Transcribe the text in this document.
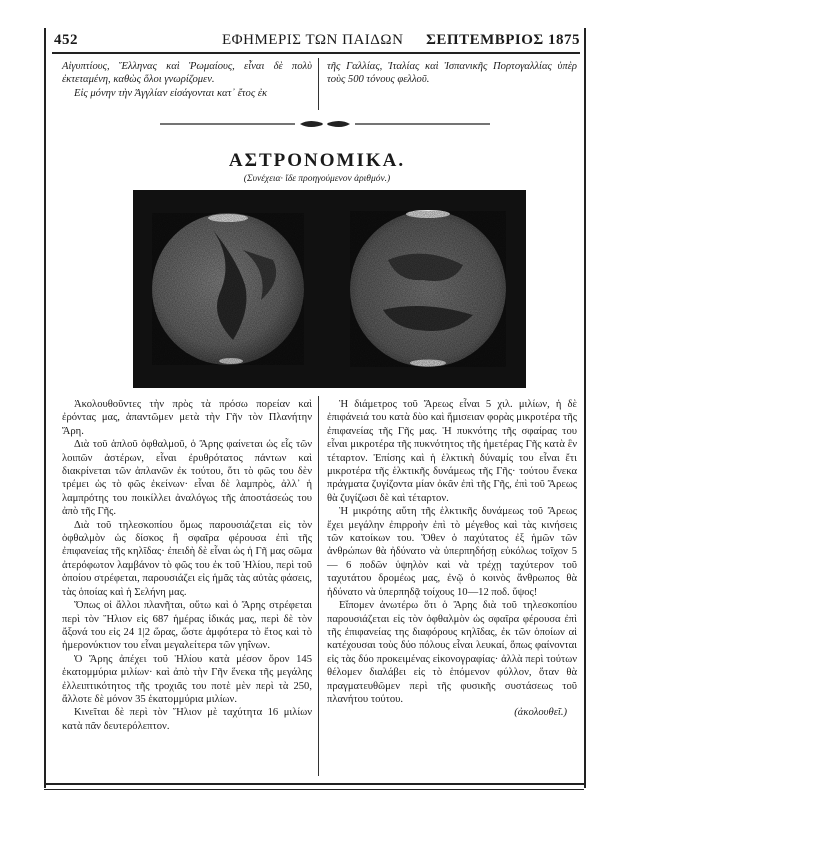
452	ΕΦΗΜΕΡΙΣ ΤΩΝ ΠΑΙΔΩΝ ΣΕΠΤΕΜΒΡΙΟΣ 1875

Αἰγυπτίους, Ἕλληνας καὶ Ῥωμαίους, εἶναι δὲ πολὺ ἐκτεταμένη, καθὼς ὅλοι γνωρίζομεν.

Εἰς μόνην τὴν Ἀγγλίαν εἰσάγονται κατ᾽ ἔτος ἐκ

τῆς Γαλλίας, Ἰταλίας καὶ Ἱσπανικῆς Πορτογαλλίας ὑπὲρ τοὺς 500 τόνους φελλοῦ.

ΑΣΤΡΟΝΟΜΙΚΑ.
(Συνέχεια· ἴδε προηγούμενον ἀριθμόν.)

Ἀκολουθοῦντες τὴν πρὸς τὰ πρόσω πορείαν καὶ ἐρόντας μας, ἀπαντῶμεν μετὰ τὴν Γῆν τὸν Πλανήτην Ἄρη.

Διὰ τοῦ ἁπλοῦ ὀφθαλμοῦ, ὁ Ἄρης φαίνεται ὡς εἷς τῶν λοιπῶν ἀστέρων, εἶναι ἐρυθρότατος πάντων καὶ διακρίνεται τῶν ἀπλανῶν ἐκ τούτου, ὅτι τὸ φῶς του δὲν τρέμει ὡς τὸ φῶς ἐκείνων· εἶναι δὲ λαμπρὸς, ἀλλ᾽ ἡ λαμπρότης του ποικίλλει ἀναλόγως τῆς ἀποστάσεώς του ἀπὸ τῆς Γῆς.

Διὰ τοῦ τηλεσκοπίου ὅμως παρουσιάζεται εἰς τὸν ὀφθαλμὸν ὡς δίσκος ἢ σφαῖρα φέρουσα ἐπὶ τῆς ἐπιφανείας τῆς κηλῖδας· ἐπειδὴ δὲ εἶναι ὡς ἡ Γῆ μας σῶμα ἀτερόφωτον λαμβάνον τὸ φῶς του ἐκ τοῦ Ἡλίου, περὶ τοῦ ὁποίου στρέφεται, παρουσιάζει εἰς ἡμᾶς τὰς αὐτὰς φάσεις, τὰς ὁποίας καὶ ἡ Σελήνη μας.

Ὅπως οἱ ἄλλοι πλανῆται, οὕτω καὶ ὁ Ἄρης στρέφεται περὶ τὸν Ἥλιον εἰς 687 ἡμέρας ἰδικάς μας, περὶ δὲ τὸν ἄξονά του εἰς 24 1|2 ὥρας, ὥστε ἀμφότερα τὸ ἔτος καὶ τὸ ἡμερονύκτιον του εἶναι μεγαλείτερα τῶν γηΐνων.

Ὁ Ἄρης ἀπέχει τοῦ Ἡλίου κατὰ μέσον ὅρον 145 ἑκατομμύρια μιλίων· καὶ ἀπὸ τὴν Γῆν ἕνεκα τῆς μεγάλης ἐλλειπτικότητος τῆς τροχιᾶς του ποτὲ μὲν περὶ τὰ 250, ἄλλοτε δὲ μόνον 35 ἑκατομμύρια μιλίων.

Κινεῖται δὲ περὶ τὸν Ἥλιον μὲ ταχύτητα 16 μιλίων κατὰ πᾶν δευτερόλεπτον.

Ἡ διάμετρος τοῦ Ἄρεως εἶναι 5 χιλ. μιλίων, ἡ δὲ ἐπιφάνειά του κατὰ δὺο καὶ ἥμισειαν φορὰς μικροτέρα τῆς ἐπιφανείας τῆς Γῆς μας. Ἡ πυκνότης τῆς σφαίρας του εἶναι μικροτέρα τῆς πυκνότητος τῆς ἡμετέρας Γῆς κατὰ ἓν τέταρτον. Ἐπίσης καὶ ἡ ἑλκτικὴ δύναμίς του εἶναι ἔτι μικροτέρα τῆς ἑλκτικῆς δυνάμεως τῆς Γῆς· τούτου ἕνεκα πράγματα ζυγίζοντα μίαν ὀκᾶν ἐπὶ τῆς Γῆς, ἐπὶ τοῦ Ἄρεως θὰ ζυγίζωσι δὲ καὶ τέταρτον.

Ἡ μικρότης αὕτη τῆς ἑλκτικῆς δυνάμεως τοῦ Ἄρεως ἔχει μεγάλην ἐπιρροὴν ἐπὶ τὸ μέγεθος καὶ τὰς κινήσεις τῶν κατοίκων του. Ὅθεν ὁ παχύτατος ἐξ ἡμῶν τῶν ἀνθρώπων θὰ ἠδύνατο νὰ ὑπερπηδήσῃ εὐκόλως τοῖχον 5 — 6 ποδῶν ὑψηλὸν καὶ νὰ τρέχῃ ταχύτερον τοῦ ταχυτάτου δρομέως μας, ἐνῷ ὁ κοινὸς ἄνθρωπος θὰ ἠδύνατο νὰ ὑπερπηδᾷ τοίχους 10—12 ποδ. ὕψος!

Εἴπομεν ἀνωτέρω ὅτι ὁ Ἄρης διὰ τοῦ τηλεσκοπίου παρουσιάζεται εἰς τὸν ὀφθαλμὸν ὡς σφαῖρα φέρουσα ἐπὶ τῆς ἐπιφανείας της διαφόρους κηλῖδας, ἐκ τῶν ὁποίων αἱ κατέχουσαι τοὺς δύο πόλους εἶναι λευκαί, ὅπως φαίνονται εἰς τὰς δύο προκειμένας εἰκονογραφίας· ἀλλὰ περὶ τούτων θέλομεν διαλάβει εἰς τὸ ἑπόμενον φύλλον, ὅταν θὰ πραγματευθῶμεν περὶ τῆς φυσικῆς συστάσεως τοῦ πλανήτου τούτου.

(ἀκολουθεῖ.)
